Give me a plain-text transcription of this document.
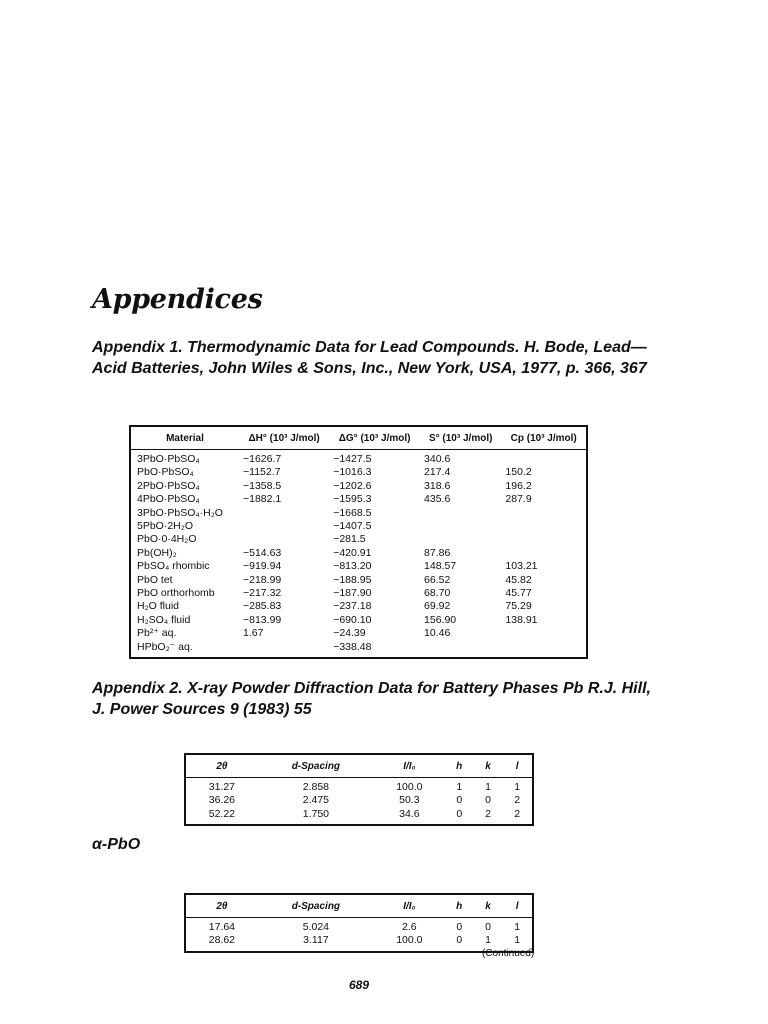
Appendices
Appendix 1. Thermodynamic Data for Lead Compounds. H. Bode, Lead—Acid Batteries, John Wiles & Sons, Inc., New York, USA, 1977, p. 366, 367
Material	ΔH° (10³ J/mol)	ΔG° (10³ J/mol)	S° (10³ J/mol)	Cp (10³ J/mol)
3PbO·PbSO₄	−1626.7	−1427.5	340.6	
PbO·PbSO₄	−1152.7	−1016.3	217.4	150.2
2PbO·PbSO₄	−1358.5	−1202.6	318.6	196.2
4PbO·PbSO₄	−1882.1	−1595.3	435.6	287.9
3PbO·PbSO₄·H₂O		−1668.5		
5PbO·2H₂O		−1407.5		
PbO·0·4H₂O		−281.5		
Pb(OH)₂	−514.63	−420.91	87.86	
PbSO₄ rhombic	−919.94	−813.20	148.57	103.21
PbO tet	−218.99	−188.95	66.52	45.82
PbO orthorhomb	−217.32	−187.90	68.70	45.77
H₂O fluid	−285.83	−237.18	69.92	75.29
H₂SO₄ fluid	−813.99	−690.10	156.90	138.91
Pb²⁺ aq.	1.67	−24.39	10.46	
HPbO₂⁻ aq.		−338.48		
Appendix 2. X-ray Powder Diffraction Data for Battery Phases Pb R.J. Hill, J. Power Sources 9 (1983) 55
2θ	d-Spacing	I/I₀	h	k	l
31.27	2.858	100.0	1	1	1
36.26	2.475	50.3	0	0	2
52.22	1.750	34.6	0	2	2
α-PbO
2θ	d-Spacing	I/I₀	h	k	l
17.64	5.024	2.6	0	0	1
28.62	3.117	100.0	0	1	1
(Continued)
689
